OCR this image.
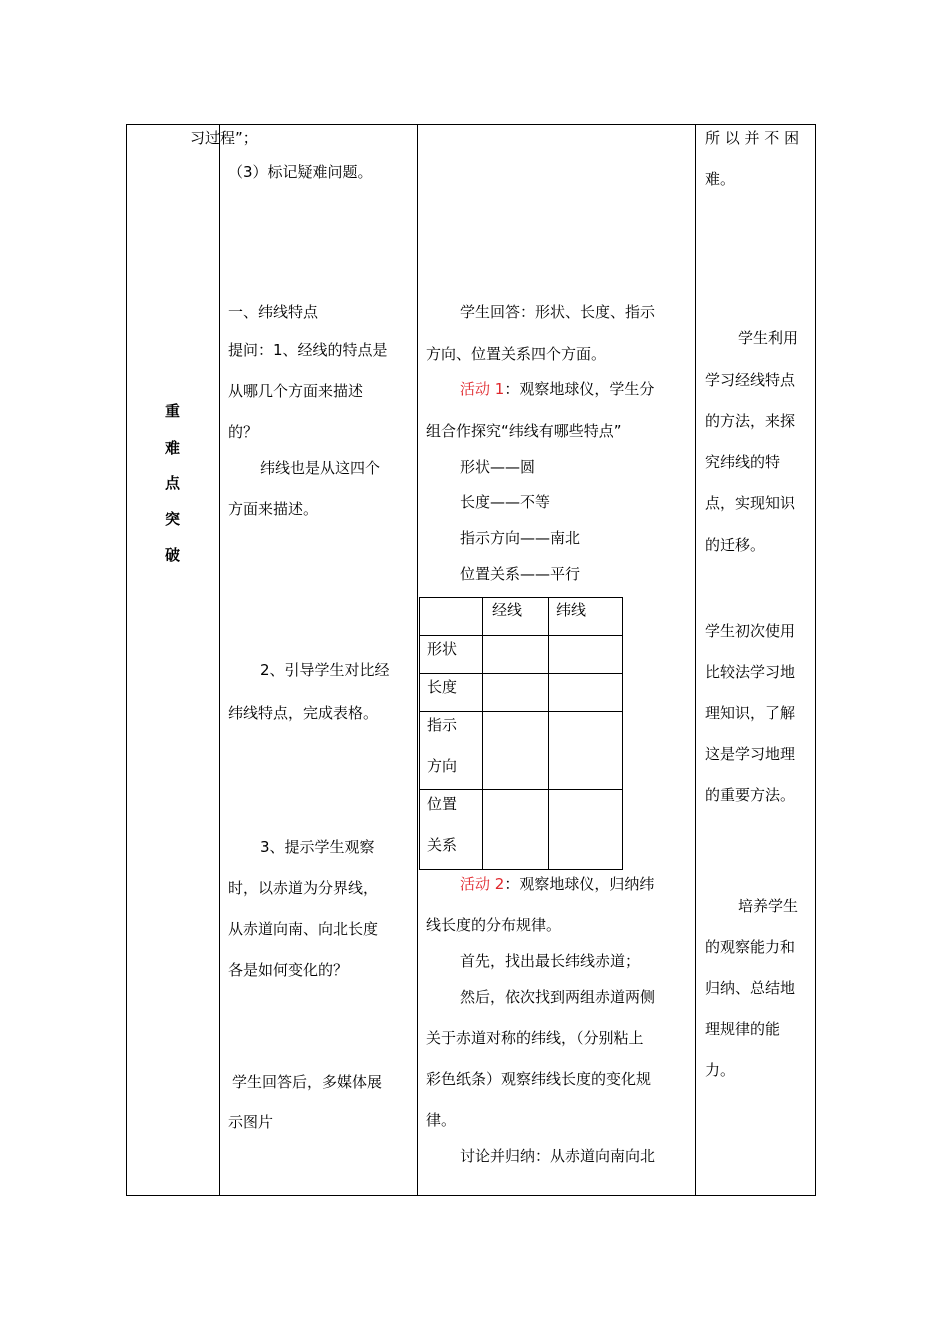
重
难
点
突
破
习过程”；
（3）标记疑难问题。
一、纬线特点
提问：1、经线的特点是
从哪几个方面来描述
的？
纬线也是从这四个
方面来描述。
2、引导学生对比经
纬线特点，完成表格。
3、提示学生观察
时，以赤道为分界线，
从赤道向南、向北长度
各是如何变化的？
学生回答后，多媒体展
示图片
学生回答：形状、长度、指示
方向、位置关系四个方面。
活动 1：观察地球仪，学生分
组合作探究“纬线有哪些特点”
形状——圆
长度——不等
指示方向——南北
位置关系——平行
经线 纬线
形状
长度
指示
方向
位置
关系
活动 2：观察地球仪，归纳纬
线长度的分布规律。
首先，找出最长纬线赤道；
然后，依次找到两组赤道两侧
关于赤道对称的纬线，（分别粘上
彩色纸条）观察纬线长度的变化规
律。
讨论并归纳：从赤道向南向北
所 以 并 不 困
难。
学生利用
学习经线特点
的方法，来探
究纬线的特
点，实现知识
的迁移。
学生初次使用
比较法学习地
理知识，了解
这是学习地理
的重要方法。
培养学生
的观察能力和
归纳、总结地
理规律的能
力。
